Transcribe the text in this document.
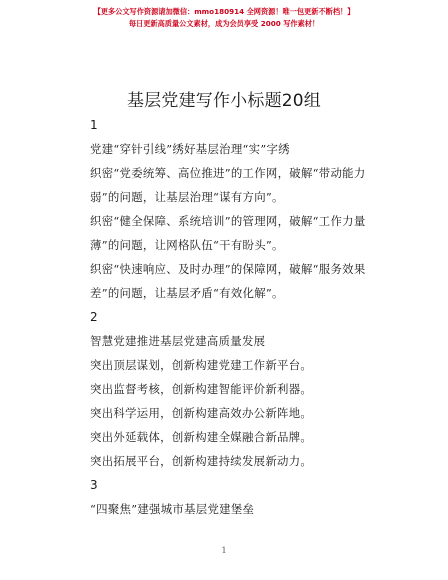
【更多公文写作资源请加微信：mmo180914 全网资源！唯一包更新不断档！】
每日更新高质量公文素材，成为会员享受 2000 写作素材！
基层党建写作小标题20组
1
党建“穿针引线”绣好基层治理“实”字绣
织密“党委统筹、高位推进”的工作网，破解“带动能力
弱”的问题，让基层治理“谋有方向”。
织密“健全保障、系统培训”的管理网，破解“工作力量
薄”的问题，让网格队伍“干有盼头”。
织密“快速响应、及时办理”的保障网，破解“服务效果
差”的问题，让基层矛盾“有效化解”。
2
智慧党建推进基层党建高质量发展
突出顶层谋划，创新构建党建工作新平台。
突出监督考核，创新构建智能评价新利器。
突出科学运用，创新构建高效办公新阵地。
突出外延载体，创新构建全媒融合新品牌。
突出拓展平台，创新构建持续发展新动力。
3
“四聚焦”建强城市基层党建堡垒
1
